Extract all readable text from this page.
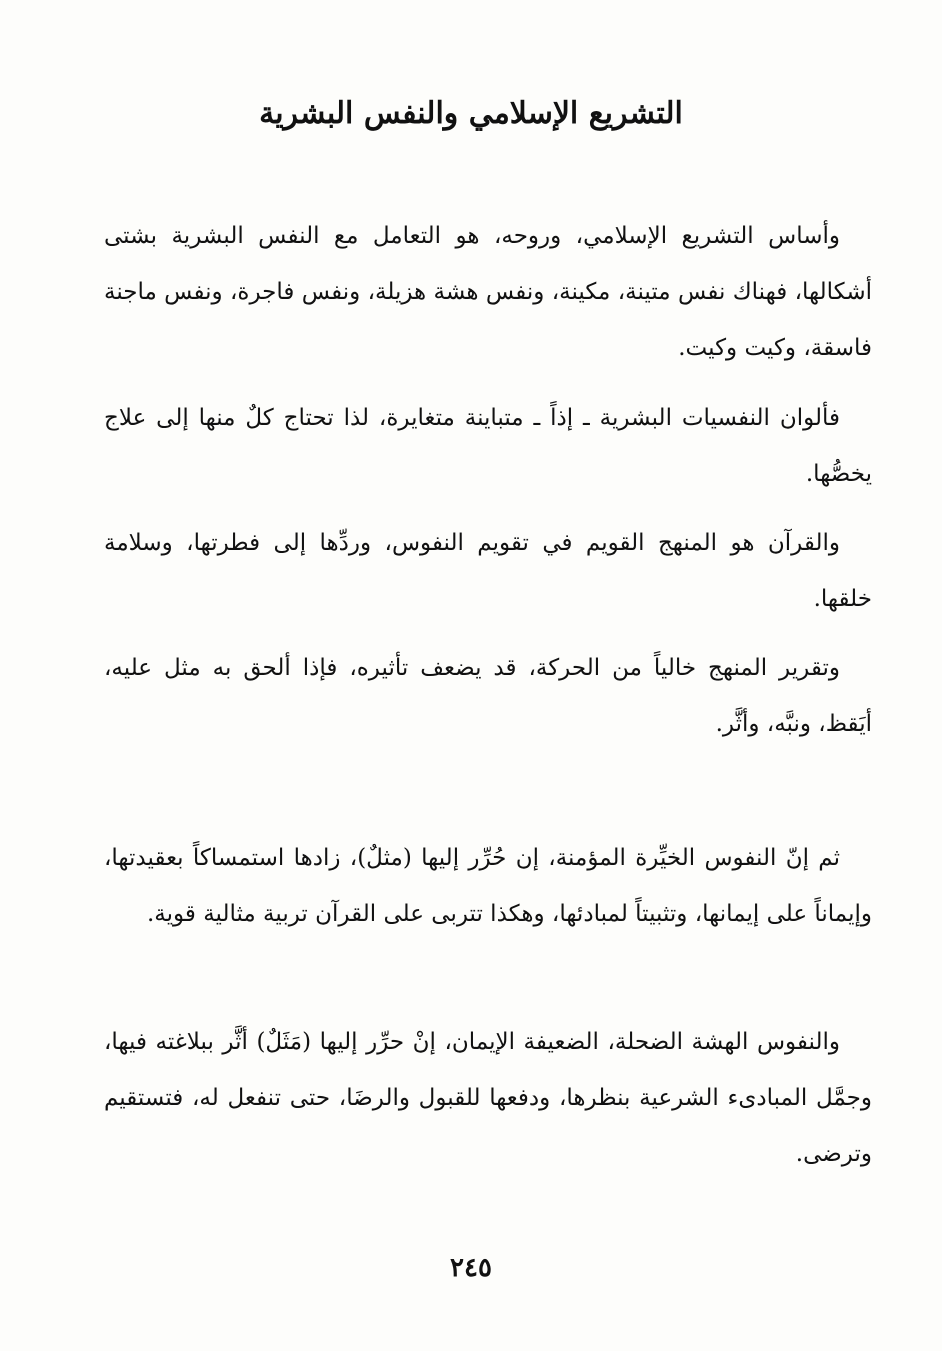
التشريع الإسلامي والنفس البشرية

وأساس التشريع الإسلامي، وروحه، هو التعامل مع النفس البشرية بشتى أشكالها، فهناك نفس متينة، مكينة، ونفس هشة هزيلة، ونفس فاجرة، ونفس ماجنة فاسقة، وكيت وكيت.

فألوان النفسيات البشرية ـ إذاً ـ متباينة متغايرة، لذا تحتاج كلٌ منها إلى علاج يخصُّها.

والقرآن هو المنهج القويم في تقويم النفوس، وردِّها إلى فطرتها، وسلامة خلقها.

وتقرير المنهج خالياً من الحركة، قد يضعف تأثيره، فإذا ألحق به مثل عليه، أيَقظ، ونبَّه، وأثَّر.

ثم إنّ النفوس الخيِّرة المؤمنة، إن حُرِّر إليها (مثلٌ)، زادها استمساكاً بعقيدتها، وإيماناً على إيمانها، وتثبيتاً لمبادئها، وهكذا تتربى على القرآن تربية مثالية قوية.

والنفوس الهشة الضحلة، الضعيفة الإيمان، إنْ حرِّر إليها (مَثَلٌ) أثَّر ببلاغته فيها، وجمَّل المبادىء الشرعية بنظرها، ودفعها للقبول والرضَا، حتى تنفعل له، فتستقيم وترضى.

٢٤٥
